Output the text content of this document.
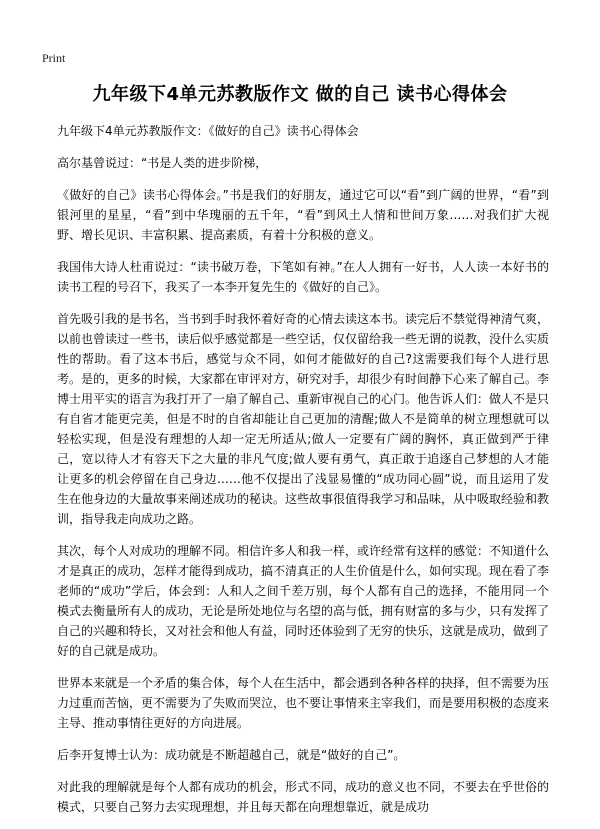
Print
九年级下4单元苏教版作文 做的自己 读书心得体会

九年级下4单元苏教版作文：《做好的自己》读书心得体会

高尔基曾说过：“书是人类的进步阶梯，

《做好的自己》读书心得体会。”书是我们的好朋友，通过它可以“看”到广阔的世界，“看”到银河里的星星，“看”到中华瑰丽的五千年，“看”到风土人情和世间万象……对我们扩大视野、增长见识、丰富积累、提高素质，有着十分积极的意义。

我国伟大诗人杜甫说过：“读书破万卷，下笔如有神。”在人人拥有一好书，人人读一本好书的读书工程的号召下，我买了一本李开复先生的《做好的自己》。

首先吸引我的是书名，当书到手时我怀着好奇的心情去读这本书。读完后不禁觉得神清气爽，以前也曾读过一些书，读后似乎感觉都是一些空话，仅仅留给我一些无谓的说教，没什么实质性的帮助。看了这本书后，感觉与众不同，如何才能做好的自己?这需要我们每个人进行思考。是的，更多的时候，大家都在审评对方，研究对手，却很少有时间静下心来了解自己。李博士用平实的语言为我打开了一扇了解自己、重新审视自己的心门。他告诉人们：做人不是只有自省才能更完美，但是不时的自省却能让自己更加的清醒;做人不是简单的树立理想就可以轻松实现，但是没有理想的人却一定无所适从;做人一定要有广阔的胸怀，真正做到严于律己，宽以待人才有容天下之大量的非凡气度;做人要有勇气，真正敢于追逐自己梦想的人才能让更多的机会停留在自己身边……他不仅提出了浅显易懂的“成功同心圆”说，而且运用了发生在他身边的大量故事来阐述成功的秘诀。这些故事很值得我学习和品味，从中吸取经验和教训，指导我走向成功之路。

其次，每个人对成功的理解不同。相信许多人和我一样，或许经常有这样的感觉：不知道什么才是真正的成功，怎样才能得到成功，搞不清真正的人生价值是什么，如何实现。现在看了李老师的“成功”学后，体会到：人和人之间千差万别，每个人都有自己的选择，不能用同一个模式去衡量所有人的成功，无论是所处地位与名望的高与低，拥有财富的多与少，只有发挥了自己的兴趣和特长，又对社会和他人有益，同时还体验到了无穷的快乐，这就是成功，做到了好的自己就是成功。

世界本来就是一个矛盾的集合体，每个人在生活中，都会遇到各种各样的抉择，但不需要为压力过重而苦恼，更不需要为了失败而哭泣，也不要让事情来主宰我们，而是要用积极的态度来主导、推动事情往更好的方向进展。

后李开复博士认为：成功就是不断超越自己，就是“做好的自己”。

对此我的理解就是每个人都有成功的机会，形式不同，成功的意义也不同，不要去在乎世俗的模式，只要自己努力去实现理想，并且每天都在向理想靠近，就是成功
